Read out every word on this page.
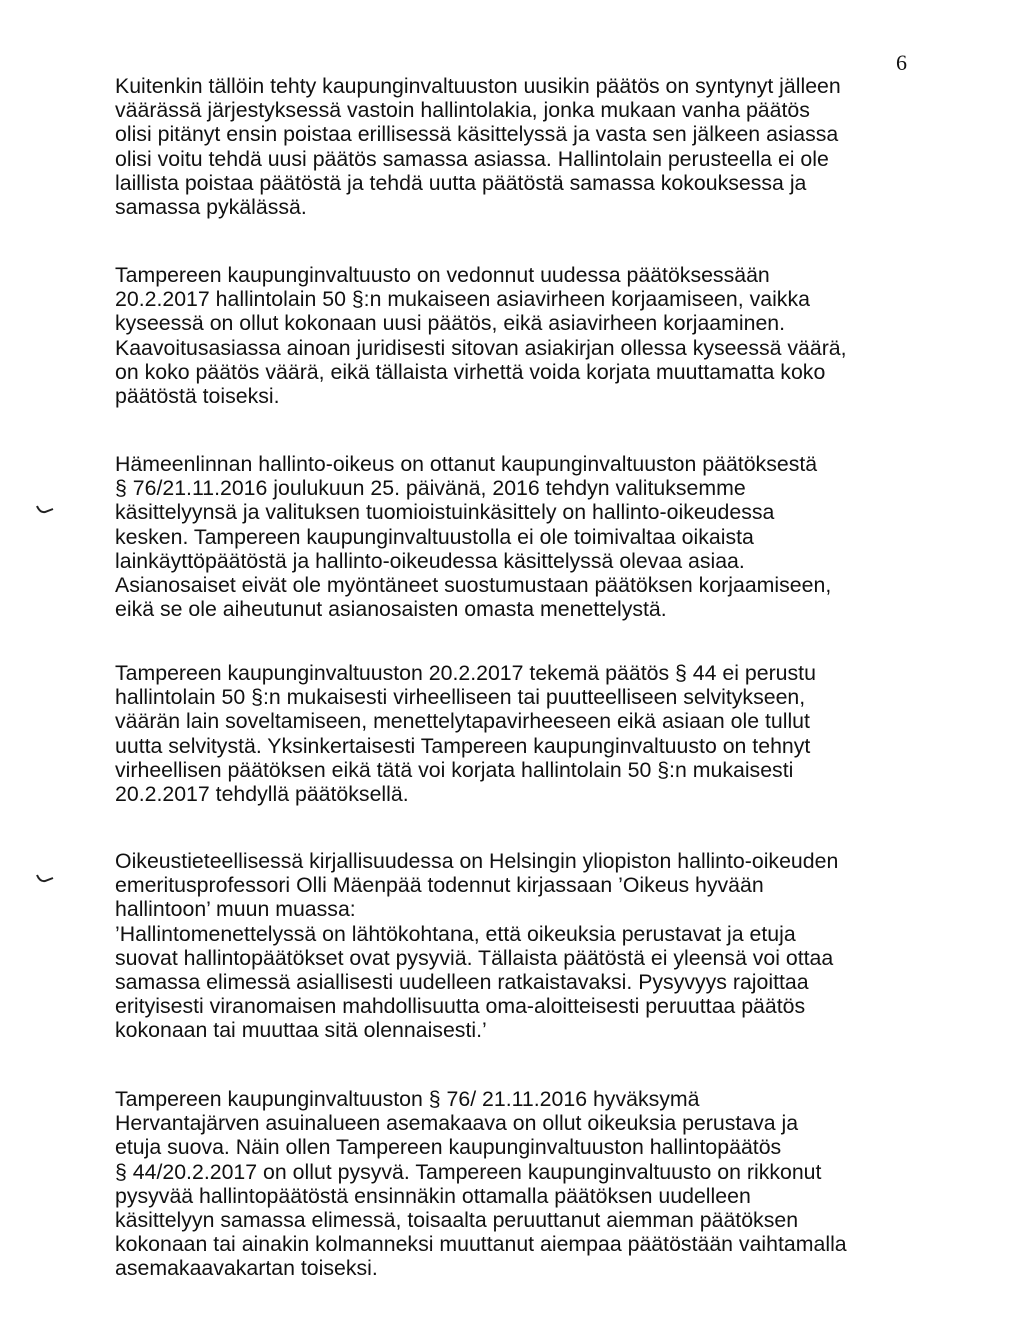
6

Kuitenkin tällöin tehty kaupunginvaltuuston uusikin päätös on syntynyt jälleen
väärässä järjestyksessä vastoin hallintolakia, jonka mukaan vanha päätös
olisi pitänyt ensin poistaa erillisessä käsittelyssä ja vasta sen jälkeen asiassa
olisi voitu tehdä uusi päätös samassa asiassa. Hallintolain perusteella ei ole
laillista poistaa päätöstä ja tehdä uutta päätöstä samassa kokouksessa ja
samassa pykälässä.

Tampereen kaupunginvaltuusto on vedonnut uudessa päätöksessään
20.2.2017 hallintolain 50 §:n mukaiseen asiavirheen korjaamiseen, vaikka
kyseessä on ollut kokonaan uusi päätös, eikä asiavirheen korjaaminen.
Kaavoitusasiassa ainoan juridisesti sitovan asiakirjan ollessa kyseessä väärä,
on koko päätös väärä, eikä tällaista virhettä voida korjata muuttamatta koko
päätöstä toiseksi.

Hämeenlinnan hallinto-oikeus on ottanut kaupunginvaltuuston päätöksestä
§ 76/21.11.2016 joulukuun 25. päivänä, 2016 tehdyn valituksemme
käsittelyynsä ja valituksen tuomioistuinkäsittely on hallinto-oikeudessa
kesken. Tampereen kaupunginvaltuustolla ei ole toimivaltaa oikaista
lainkäyttöpäätöstä ja hallinto-oikeudessa käsittelyssä olevaa asiaa.
Asianosaiset eivät ole myöntäneet suostumustaan päätöksen korjaamiseen,
eikä se ole aiheutunut asianosaisten omasta menettelystä.

Tampereen kaupunginvaltuuston 20.2.2017 tekemä päätös § 44 ei perustu
hallintolain 50 §:n mukaisesti virheelliseen tai puutteelliseen selvitykseen,
väärän lain soveltamiseen, menettelytapavirheeseen eikä asiaan ole tullut
uutta selvitystä. Yksinkertaisesti Tampereen kaupunginvaltuusto on tehnyt
virheellisen päätöksen eikä tätä voi korjata hallintolain 50 §:n mukaisesti
20.2.2017 tehdyllä päätöksellä.

Oikeustieteellisessä kirjallisuudessa on Helsingin yliopiston hallinto-oikeuden
emeritusprofessori Olli Mäenpää todennut kirjassaan ’Oikeus hyvään
hallintoon’ muun muassa:
’Hallintomenettelyssä on lähtökohtana, että oikeuksia perustavat ja etuja
suovat hallintopäätökset ovat pysyviä. Tällaista päätöstä ei yleensä voi ottaa
samassa elimessä asiallisesti uudelleen ratkaistavaksi. Pysyvyys rajoittaa
erityisesti viranomaisen mahdollisuutta oma-aloitteisesti peruuttaa päätös
kokonaan tai muuttaa sitä olennaisesti.’

Tampereen kaupunginvaltuuston § 76/ 21.11.2016 hyväksymä
Hervantajärven asuinalueen asemakaava on ollut oikeuksia perustava ja
etuja suova. Näin ollen Tampereen kaupunginvaltuuston hallintopäätös
§ 44/20.2.2017 on ollut pysyvä. Tampereen kaupunginvaltuusto on rikkonut
pysyvää hallintopäätöstä ensinnäkin ottamalla päätöksen uudelleen
käsittelyyn samassa elimessä, toisaalta peruuttanut aiemman päätöksen
kokonaan tai ainakin kolmanneksi muuttanut aiempaa päätöstään vaihtamalla
asemakaavakartan toiseksi.
